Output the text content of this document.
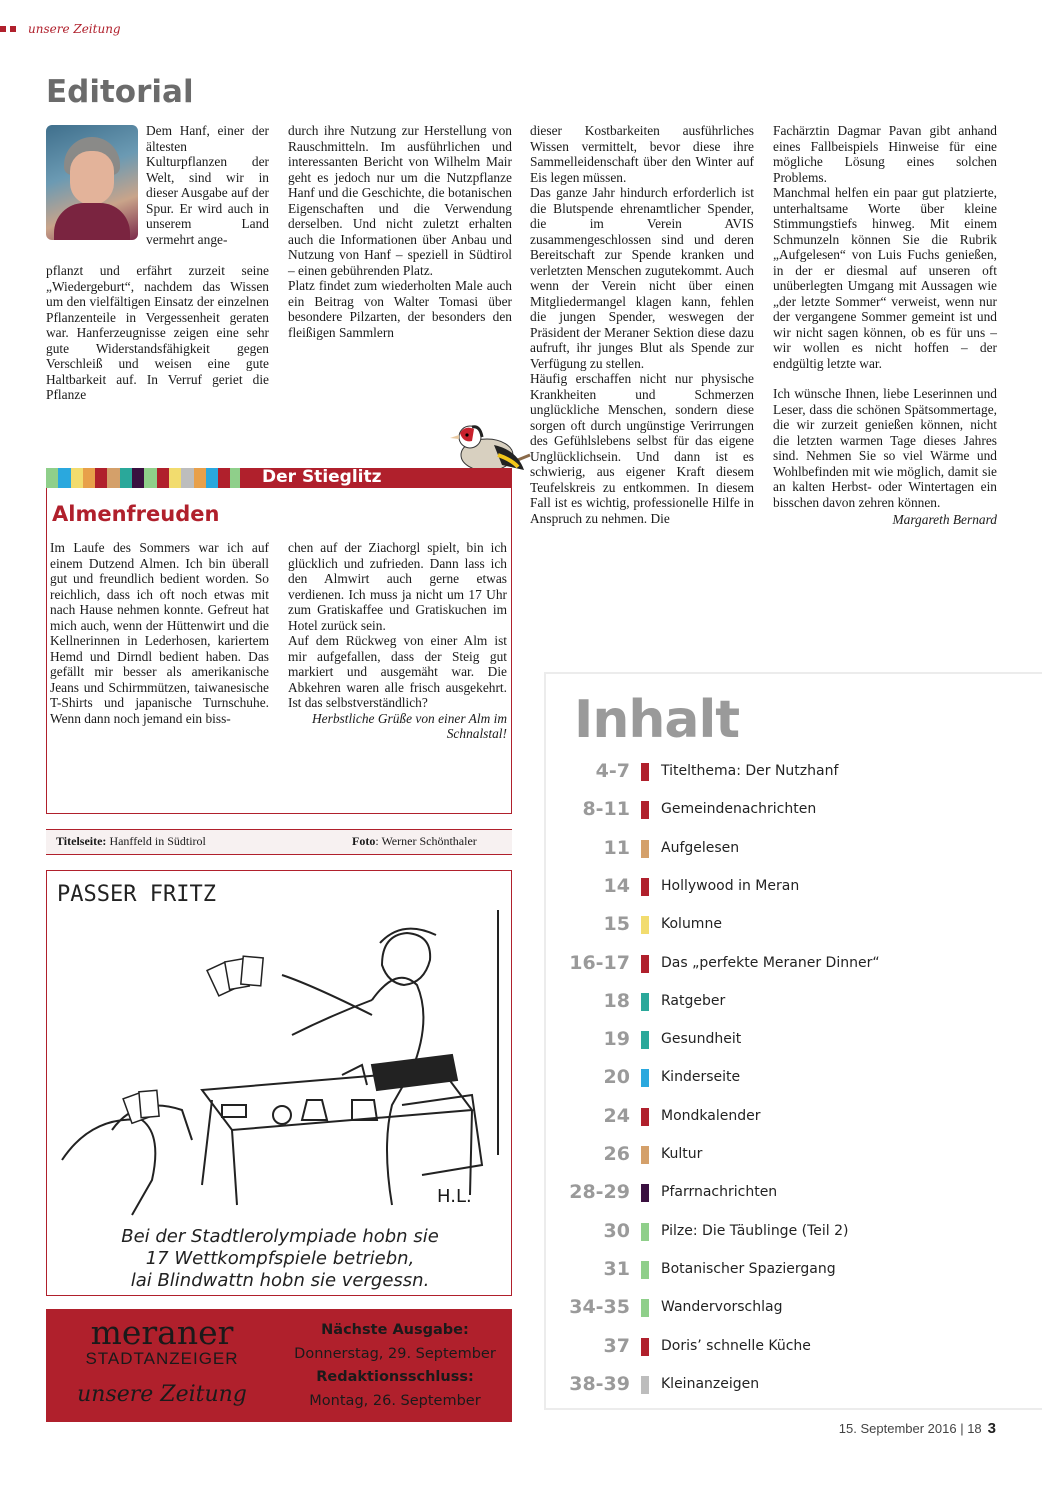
unsere Zeitung
Editorial
Dem Hanf, einer der ältesten Kulturpflanzen der Welt, sind wir in dieser Ausgabe auf der Spur. Er wird auch in unserem Land vermehrt ange-
pflanzt und erfährt zurzeit seine „Wiedergeburt“, nachdem das Wissen um den vielfältigen Einsatz der einzelnen Pflanzenteile in Vergessenheit geraten war. Hanferzeugnisse zeigen eine sehr gute Widerstandsfähigkeit gegen Verschleiß und weisen eine gute Haltbarkeit auf. In Verruf geriet die Pflanze

durch ihre Nutzung zur Herstellung von Rauschmitteln. Im ausführlichen und interessanten Bericht von Wilhelm Mair geht es jedoch nur um die Nutzpflanze Hanf und die Geschichte, die botanischen Eigenschaften und die Verwendung derselben. Und nicht zuletzt erhalten auch die Informationen über Anbau und Nutzung von Hanf – speziell in Südtirol – einen gebührenden Platz.

Platz findet zum wiederholten Male auch ein Beitrag von Walter Tomasi über besondere Pilzarten, der besonders den fleißigen Sammlern

dieser Kostbarkeiten ausführliches Wissen vermittelt, bevor diese ihre Sammelleidenschaft über den Winter auf Eis legen müssen.

Das ganze Jahr hindurch erforderlich ist die Blutspende ehrenamtlicher Spender, die im Verein AVIS zusammengeschlossen sind und deren Bereitschaft zur Spende kranken und verletzten Menschen zugutekommt. Auch wenn der Verein nicht über einen Mitgliedermangel klagen kann, fehlen die jungen Spender, weswegen der Präsident der Meraner Sektion diese dazu aufruft, ihr junges Blut als Spende zur Verfügung zu stellen.

Häufig erschaffen nicht nur physische Krankheiten und Schmerzen unglückliche Menschen, sondern diese sorgen oft durch ungünstige Verirrungen des Gefühlslebens selbst für das eigene Unglücklichsein. Und dann ist es schwierig, aus eigener Kraft diesem Teufelskreis zu entkommen. In diesem Fall ist es wichtig, professionelle Hilfe in Anspruch zu nehmen. Die

Fachärztin Dagmar Pavan gibt anhand eines Fallbeispiels Hinweise für eine mögliche Lösung eines solchen Problems.

Manchmal helfen ein paar gut platzierte, unterhaltsame Worte über kleine Stimmungstiefs hinweg. Mit einem Schmunzeln können Sie die Rubrik „Aufgelesen“ von Luis Fuchs genießen, in der er diesmal auf unseren oft unüberlegten Umgang mit Aussagen wie „der letzte Sommer“ verweist, wenn nur der vergangene Sommer gemeint ist und wir nicht sagen können, ob es für uns – wir wollen es nicht hoffen – der endgültig letzte war.

Ich wünsche Ihnen, liebe Leserinnen und Leser, dass die schönen Spätsommertage, die wir zurzeit genießen können, nicht die letzten warmen Tage dieses Jahres sind. Nehmen Sie so viel Wärme und Wohlbefinden mit wie möglich, damit sie an kalten Herbst- oder Wintertagen ein bisschen davon zehren können.

Margareth Bernard

Der Stieglitz
Almenfreuden
Im Laufe des Sommers war ich auf einem Dutzend Almen. Ich bin überall gut und freundlich bedient worden. So reichlich, dass ich oft noch etwas mit nach Hause nehmen konnte. Gefreut hat mich auch, wenn der Hüttenwirt und die Kellnerinnen in Lederhosen, kariertem Hemd und Dirndl bedient haben. Das gefällt mir besser als amerikanische Jeans und Schirmmützen, taiwanesische T-Shirts und japanische Turnschuhe. Wenn dann noch jemand ein biss-

chen auf der Ziachorgl spielt, bin ich glücklich und zufrieden. Dann lass ich den Almwirt auch gerne etwas verdienen. Ich muss ja nicht um 17 Uhr zum Gratiskaffee und Gratiskuchen im Hotel zurück sein.

Auf dem Rückweg von einer Alm ist mir aufgefallen, dass der Steig gut markiert und ausgemäht war. Die Abkehren waren alle frisch ausgekehrt. Ist das selbstverständlich?

Herbstliche Grüße von einer Alm im Schnalstal!

Titelseite: Hanffeld in Südtirol	Foto: Werner Schönthaler
PASSER FRITZ
H.L.
Bei der Stadtlerolympiade hobn sie
17 Wettkompfspiele betriebn,
lai Blindwattn hobn sie vergessn.
meraner
STADTANZEIGER
unsere Zeitung
Nächste Ausgabe:
Donnerstag, 29. September
Redaktionsschluss:
Montag, 26. September
Inhalt
4-7 Titelthema: Der Nutzhanf
8-11 Gemeindenachrichten
11 Aufgelesen
14 Hollywood in Meran
15 Kolumne
16-17 Das „perfekte Meraner Dinner“
18 Ratgeber
19 Gesundheit
20 Kinderseite
24 Mondkalender
26 Kultur
28-29 Pfarrnachrichten
30 Pilze: Die Täublinge (Teil 2)
31 Botanischer Spaziergang
34-35 Wandervorschlag
37 Doris’ schnelle Küche
38-39 Kleinanzeigen
15. September 2016 | 18 3
